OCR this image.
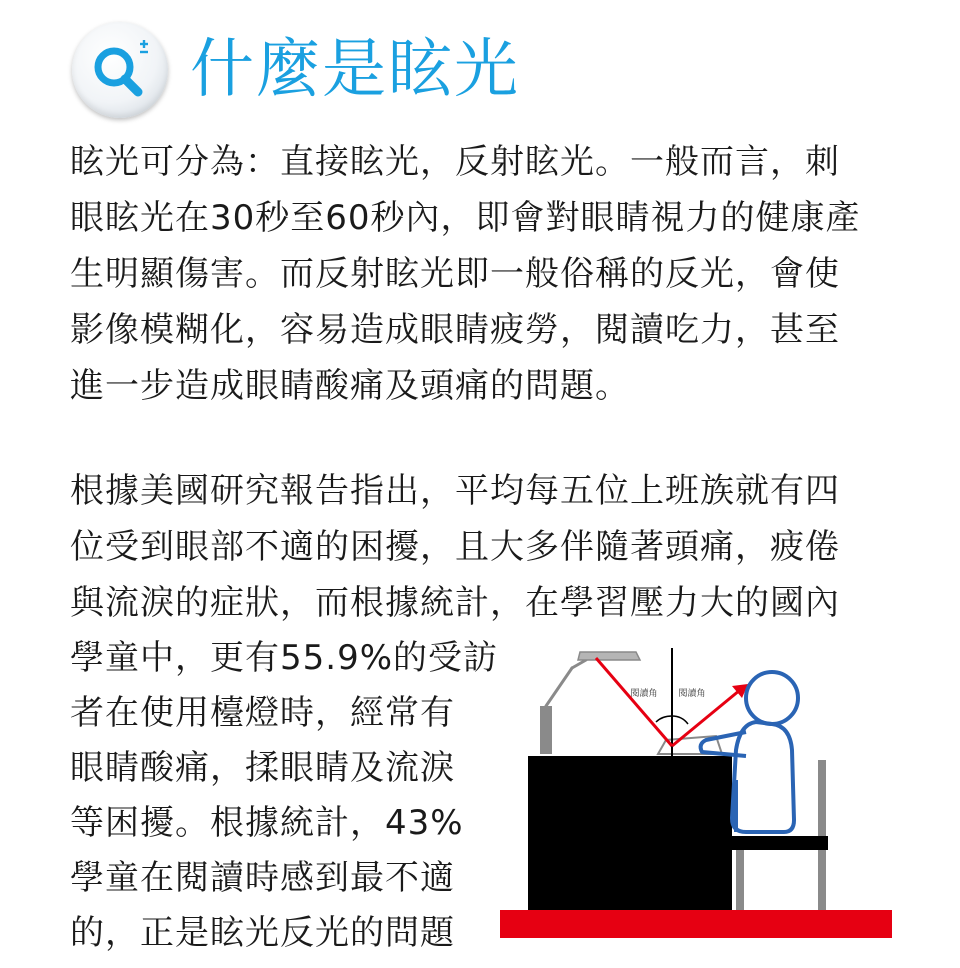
什麼是眩光

眩光可分為：直接眩光，反射眩光。一般而言，刺
眼眩光在30秒至60秒內，即會對眼睛視力的健康產
生明顯傷害。而反射眩光即一般俗稱的反光，會使
影像模糊化，容易造成眼睛疲勞，閱讀吃力，甚至
進一步造成眼睛酸痛及頭痛的問題。

根據美國研究報告指出，平均每五位上班族就有四
位受到眼部不適的困擾，且大多伴隨著頭痛，疲倦
與流淚的症狀，而根據統計，在學習壓力大的國內

學童中，更有55.9%的受訪
者在使用檯燈時，經常有
眼睛酸痛，揉眼睛及流淚
等困擾。根據統計，43%
學童在閱讀時感到最不適
的，正是眩光反光的問題

閱讀角 閱讀角
